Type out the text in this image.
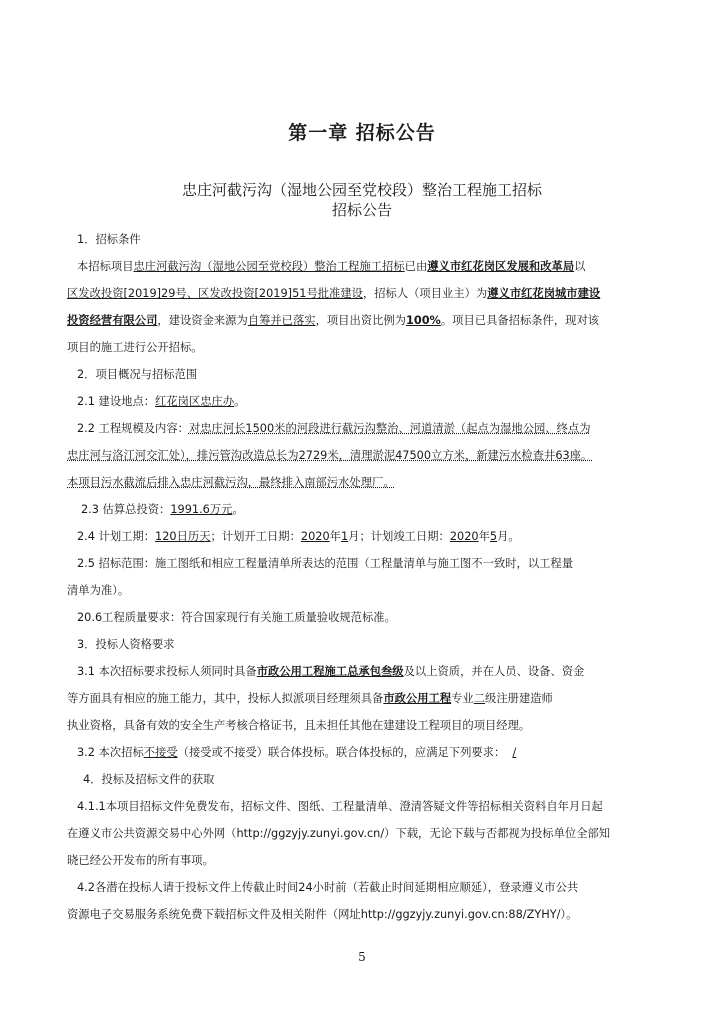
第一章 招标公告
忠庄河截污沟（湿地公园至党校段）整治工程施工招标
招标公告
1．招标条件
本招标项目忠庄河截污沟（湿地公园至党校段）整治工程施工招标已由遵义市红花岗区发展和改革局以
区发改投资[2019]29号、区发改投资[2019]51号批准建设，招标人（项目业主）为遵义市红花岗城市建设
投资经营有限公司，建设资金来源为自筹并已落实，项目出资比例为100%。项目已具备招标条件，现对该
项目的施工进行公开招标。
2．项目概况与招标范围
2.1 建设地点：红花岗区忠庄办。
2.2 工程规模及内容：对忠庄河长1500米的河段进行截污沟整治、河道清淤（起点为湿地公园、终点为
忠庄河与洛江河交汇处），排污管沟改造总长为2729米，清理淤泥47500立方米，新建污水检查井63座。
本项目污水截流后排入忠庄河截污沟，最终排入南部污水处理厂。
2.3 估算总投资：1991.6万元。
2.4 计划工期：120日历天；计划开工日期：2020年1月；计划竣工日期：2020年5月。
2.5 招标范围：施工图纸和相应工程量清单所表达的范围（工程量清单与施工图不一致时，以工程量
清单为准）。
20.6工程质量要求：符合国家现行有关施工质量验收规范标准。
3．投标人资格要求
3.1 本次招标要求投标人须同时具备市政公用工程施工总承包叁级及以上资质，并在人员、设备、资金
等方面具有相应的施工能力，其中，投标人拟派项目经理须具备市政公用工程专业二级注册建造师
执业资格，具备有效的安全生产考核合格证书，且未担任其他在建建设工程项目的项目经理。
3.2 本次招标不接受（接受或不接受）联合体投标。联合体投标的，应满足下列要求： /
4．投标及招标文件的获取
4.1.1本项目招标文件免费发布，招标文件、图纸、工程量清单、澄清答疑文件等招标相关资料自年月日起
在遵义市公共资源交易中心外网（http://ggzyjy.zunyi.gov.cn/）下载，无论下载与否都视为投标单位全部知
晓已经公开发布的所有事项。
4.2各潜在投标人请于投标文件上传截止时间24小时前（若截止时间延期相应顺延），登录遵义市公共
资源电子交易服务系统免费下载招标文件及相关附件（网址http://ggzyjy.zunyi.gov.cn:88/ZYHY/）。
5
